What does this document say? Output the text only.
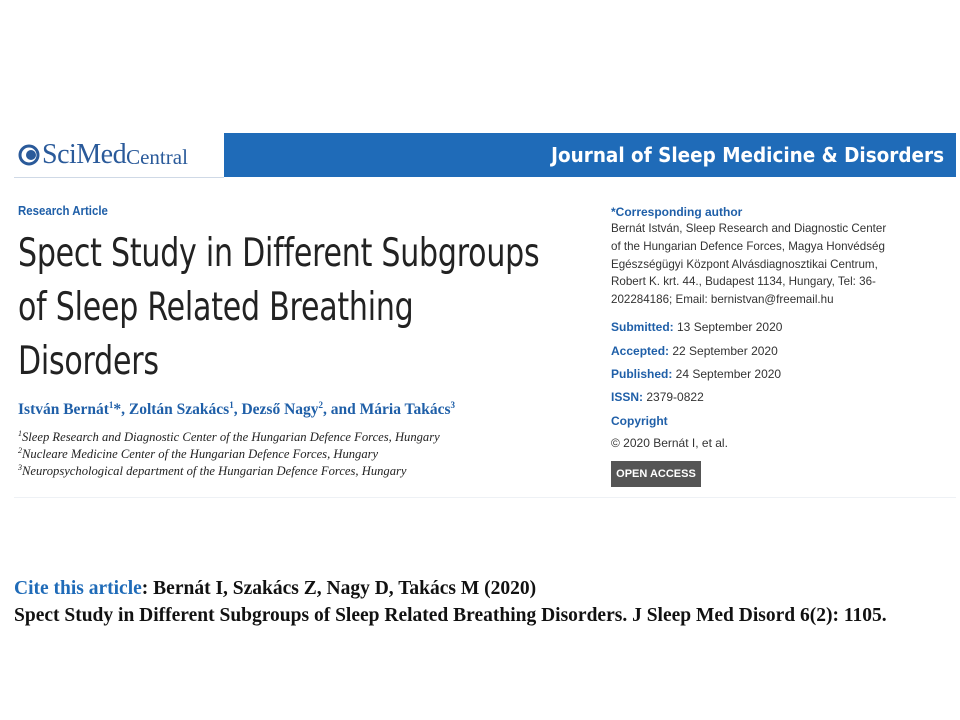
SciMed Central	Journal of Sleep Medicine & Disorders
Research Article
Spect Study in Different Subgroups
of Sleep Related Breathing
Disorders
István Bernát$^1$*, Zoltán Szakács$^1$, Dezső Nagy$^2$, and Mária Takács$^3$
$^1$Sleep Research and Diagnostic Center of the Hungarian Defence Forces, Hungary
$^2$Nucleare Medicine Center of the Hungarian Defence Forces, Hungary
$^3$Neuropsychological department of the Hungarian Defence Forces, Hungary
*Corresponding author
Bernát István, Sleep Research and Diagnostic Center
of the Hungarian Defence Forces, Magya Honvédség
Egészségügyi Központ Alvásdiagnosztikai Centrum,
Robert K. krt. 44., Budapest 1134, Hungary, Tel: 36-
202284186; Email: bernistvan@freemail.hu
Submitted: 13 September 2020
Accepted: 22 September 2020
Published: 24 September 2020
ISSN: 2379-0822
Copyright
© 2020 Bernát I, et al.
OPEN ACCESS
Cite this article: Bernát I, Szakács Z, Nagy D, Takács M (2020)
Spect Study in Different Subgroups of Sleep Related Breathing Disorders. J Sleep Med Disord 6(2): 1105.
